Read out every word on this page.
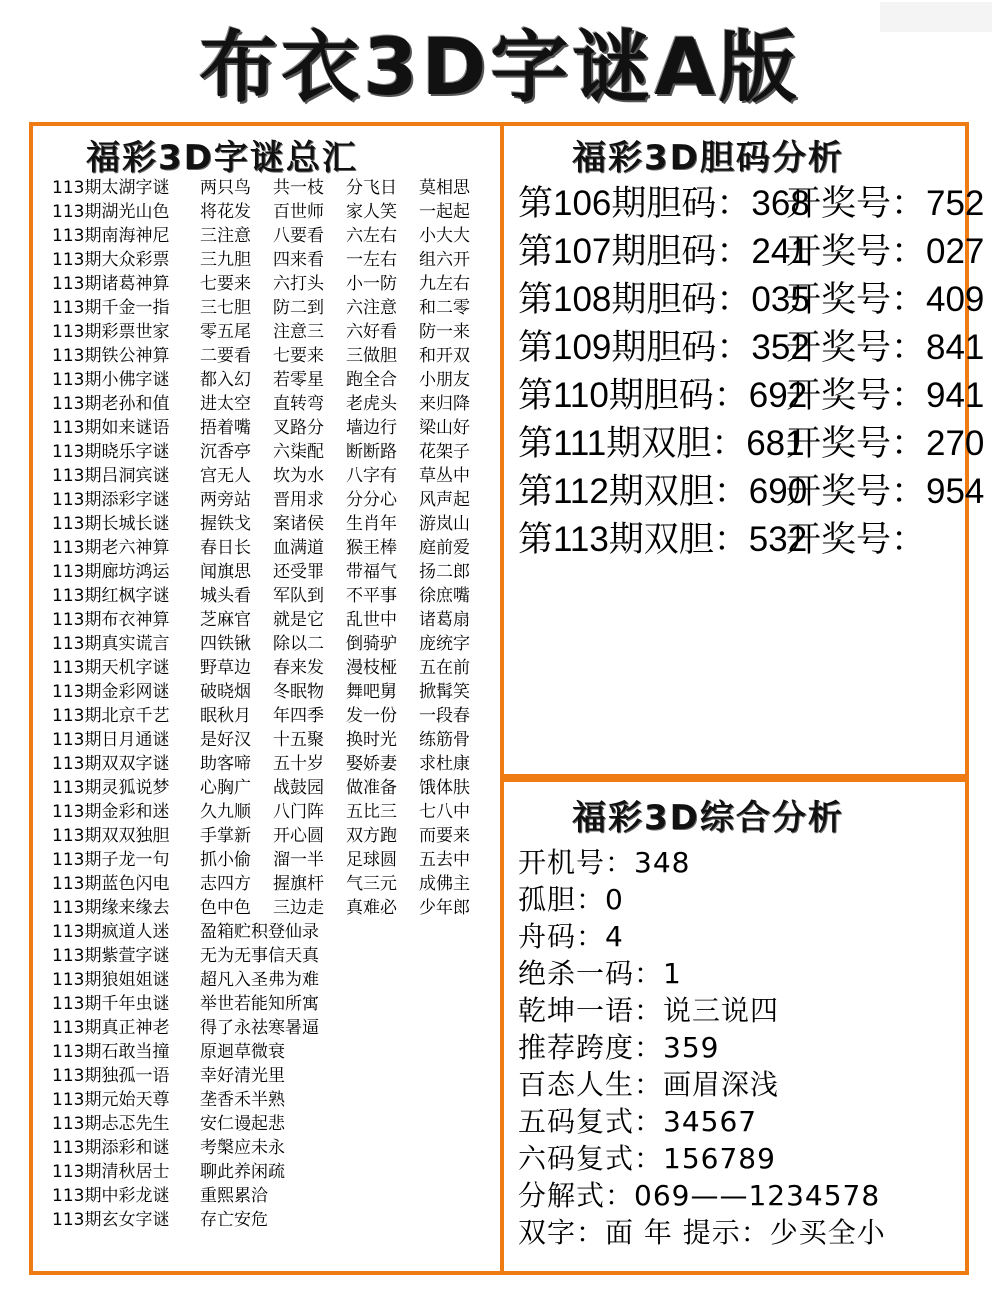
布衣3D字谜A版
福彩3D字谜总汇	福彩3D胆码分析
福彩3D综合分析
113期太湖字谜	两只鸟	共一枝	分飞日	莫相思
113期湖光山色	将花发	百世师	家人笑	一起起
113期南海神尼	三注意	八要看	六左右	小大大
113期大众彩票	三九胆	四来看	一左右	组六开
113期诸葛神算	七要来	六打头	小一防	九左右
113期千金一指	三七胆	防二到	六注意	和二零
113期彩票世家	零五尾	注意三	六好看	防一来
113期铁公神算	二要看	七要来	三做胆	和开双
113期小佛字谜	都入幻	若零星	跑全合	小朋友
113期老孙和值	进太空	直转弯	老虎头	来归降
113期如来谜语	捂着嘴	叉路分	墙边行	梁山好
113期晓乐字谜	沉香亭	六柒配	断断路	花架子
113期吕洞宾谜	宫无人	坎为水	八字有	草丛中
113期添彩字谜	两旁站	晋用求	分分心	风声起
113期长城长谜	握铁戈	案诸侯	生肖年	游岚山
113期老六神算	春日长	血满道	猴王棒	庭前爱
113期廊坊鸿运	闻旗思	还受罪	带福气	扬二郎
113期红枫字谜	城头看	军队到	不平事	徐庶嘴
113期布衣神算	芝麻官	就是它	乱世中	诸葛扇
113期真实谎言	四铁锹	除以二	倒骑驴	庞统字
113期天机字谜	野草边	春来发	漫枝桠	五在前
113期金彩网谜	破晓烟	冬眠物	舞吧舅	掀髯笑
113期北京千艺	眠秋月	年四季	发一份	一段春
113期日月通谜	是好汉	十五聚	换时光	练筋骨
113期双双字谜	助客啼	五十岁	娶娇妻	求杜康
113期灵狐说梦	心胸广	战鼓园	做准备	饿体肤
113期金彩和迷	久九顺	八门阵	五比三	七八中
113期双双独胆	手掌新	开心圆	双方跑	而要来
113期子龙一句	抓小偷	溜一半	足球圆	五去中
113期蓝色闪电	志四方	握旗杆	气三元	成佛主
113期缘来缘去	色中色	三边走	真难必	少年郎
113期疯道人迷	盈箱贮积登仙录
113期紫萱字谜	无为无事信天真
113期狼姐姐谜	超凡入圣弗为难
113期千年虫谜	举世若能知所寓
113期真正神老	得了永祛寒暑逼
113期石敢当撞	原迴草微衰
113期独孤一语	幸好清光里
113期元始天尊	垄香禾半熟
113期忐忑先生	安仁谩起悲
113期添彩和谜	考槃应未永
113期清秋居士	聊此养闲疏
113期中彩龙谜	重熙累洽
113期玄女字谜	存亡安危
第106期胆码：368开奖号：752
第107期胆码：241开奖号：027
第108期胆码：035开奖号：409
第109期胆码：352开奖号：841
第110期胆码：692开奖号：941
第111期双胆：681开奖号：270
第112期双胆：690开奖号：954
第113期双胆：532开奖号：
开机号：348
孤胆：0
舟码：4
绝杀一码：1
乾坤一语：说三说四
推荐跨度：359
百态人生：画眉深浅
五码复式：34567
六码复式：156789
分解式：069——1234578
双字：面 年 提示：少买全小
